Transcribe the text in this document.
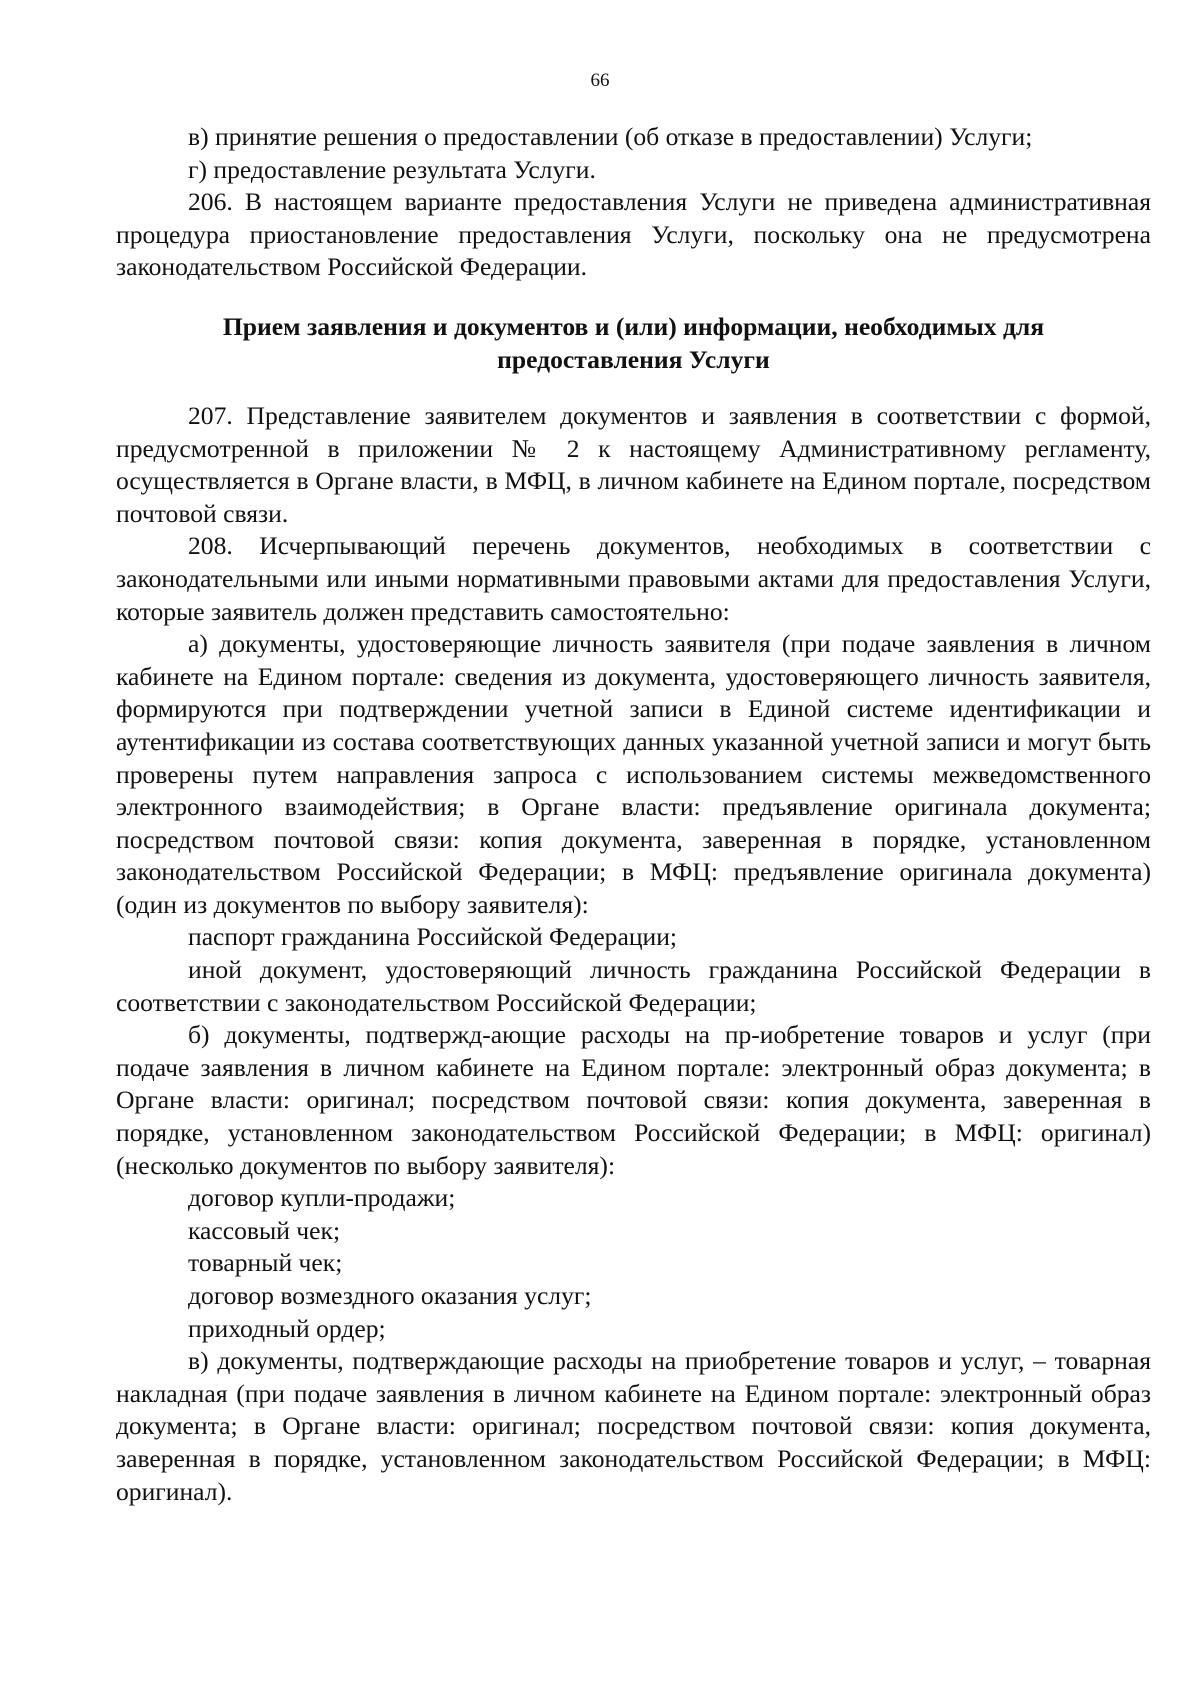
66

в) принятие решения о предоставлении (об отказе в предоставлении) Услуги;

г) предоставление результата Услуги.

206. В настоящем варианте предоставления Услуги не приведена административная процедура приостановление предоставления Услуги, поскольку она не предусмотрена законодательством Российской Федерации.

Прием заявления и документов и (или) информации, необходимых для предоставления Услуги

207. Представление заявителем документов и заявления в соответствии с формой, предусмотренной в приложении № 2 к настоящему Административному регламенту, осуществляется в Органе власти, в МФЦ, в личном кабинете на Едином портале, посредством почтовой связи.

208. Исчерпывающий перечень документов, необходимых в соответствии с законодательными или иными нормативными правовыми актами для предоставления Услуги, которые заявитель должен представить самостоятельно:

а) документы, удостоверяющие личность заявителя (при подаче заявления в личном кабинете на Едином портале: сведения из документа, удостоверяющего личность заявителя, формируются при подтверждении учетной записи в Единой системе идентификации и аутентификации из состава соответствующих данных указанной учетной записи и могут быть проверены путем направления запроса с использованием системы межведомственного электронного взаимодействия; в Органе власти: предъявление оригинала документа; посредством почтовой связи: копия документа, заверенная в порядке, установленном законодательством Российской Федерации; в МФЦ: предъявление оригинала документа) (один из документов по выбору заявителя):

паспорт гражданина Российской Федерации;

иной документ, удостоверяющий личность гражданина Российской Федерации в соответствии с законодательством Российской Федерации;

б) документы, подтвержд-ающие расходы на пр-иобретение товаров и услуг (при подаче заявления в личном кабинете на Едином портале: электронный образ документа; в Органе власти: оригинал; посредством почтовой связи: копия документа, заверенная в порядке, установленном законодательством Российской Федерации; в МФЦ: оригинал) (несколько документов по выбору заявителя):

договор купли-продажи;

кассовый чек;

товарный чек;

договор возмездного оказания услуг;

приходный ордер;

в) документы, подтверждающие расходы на приобретение товаров и услуг, – товарная накладная (при подаче заявления в личном кабинете на Едином портале: электронный образ документа; в Органе власти: оригинал; посредством почтовой связи: копия документа, заверенная в порядке, установленном законодательством Российской Федерации; в МФЦ: оригинал).
